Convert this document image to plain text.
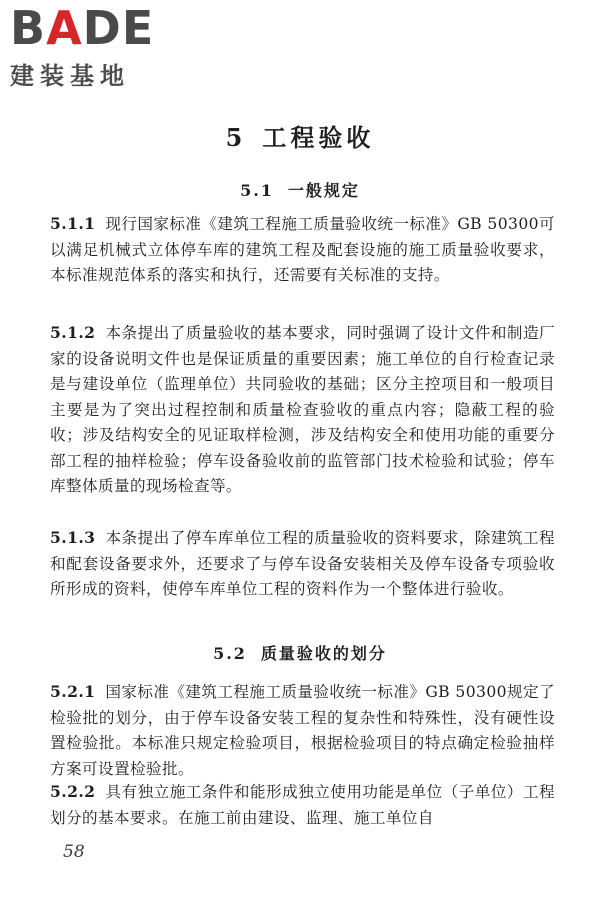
BADE
建装基地
5 工程验收
5.1 一般规定
5.1.1 现行国家标准《建筑工程施工质量验收统一标准》GB 50300可以满足机械式立体停车库的建筑工程及配套设施的施工质量验收要求，本标准规范体系的落实和执行，还需要有关标准的支持。
5.1.2 本条提出了质量验收的基本要求，同时强调了设计文件和制造厂家的设备说明文件也是保证质量的重要因素；施工单位的自行检查记录是与建设单位（监理单位）共同验收的基础；区分主控项目和一般项目主要是为了突出过程控制和质量检查验收的重点内容；隐蔽工程的验收；涉及结构安全的见证取样检测，涉及结构安全和使用功能的重要分部工程的抽样检验；停车设备验收前的监管部门技术检验和试验；停车库整体质量的现场检查等。
5.1.3 本条提出了停车库单位工程的质量验收的资料要求，除建筑工程和配套设备要求外，还要求了与停车设备安装相关及停车设备专项验收所形成的资料，使停车库单位工程的资料作为一个整体进行验收。
5.2 质量验收的划分
5.2.1 国家标准《建筑工程施工质量验收统一标准》GB 50300规定了检验批的划分，由于停车设备安装工程的复杂性和特殊性，没有硬性设置检验批。本标准只规定检验项目，根据检验项目的特点确定检验抽样方案可设置检验批。
5.2.2 具有独立施工条件和能形成独立使用功能是单位（子单位）工程划分的基本要求。在施工前由建设、监理、施工单位自
58
